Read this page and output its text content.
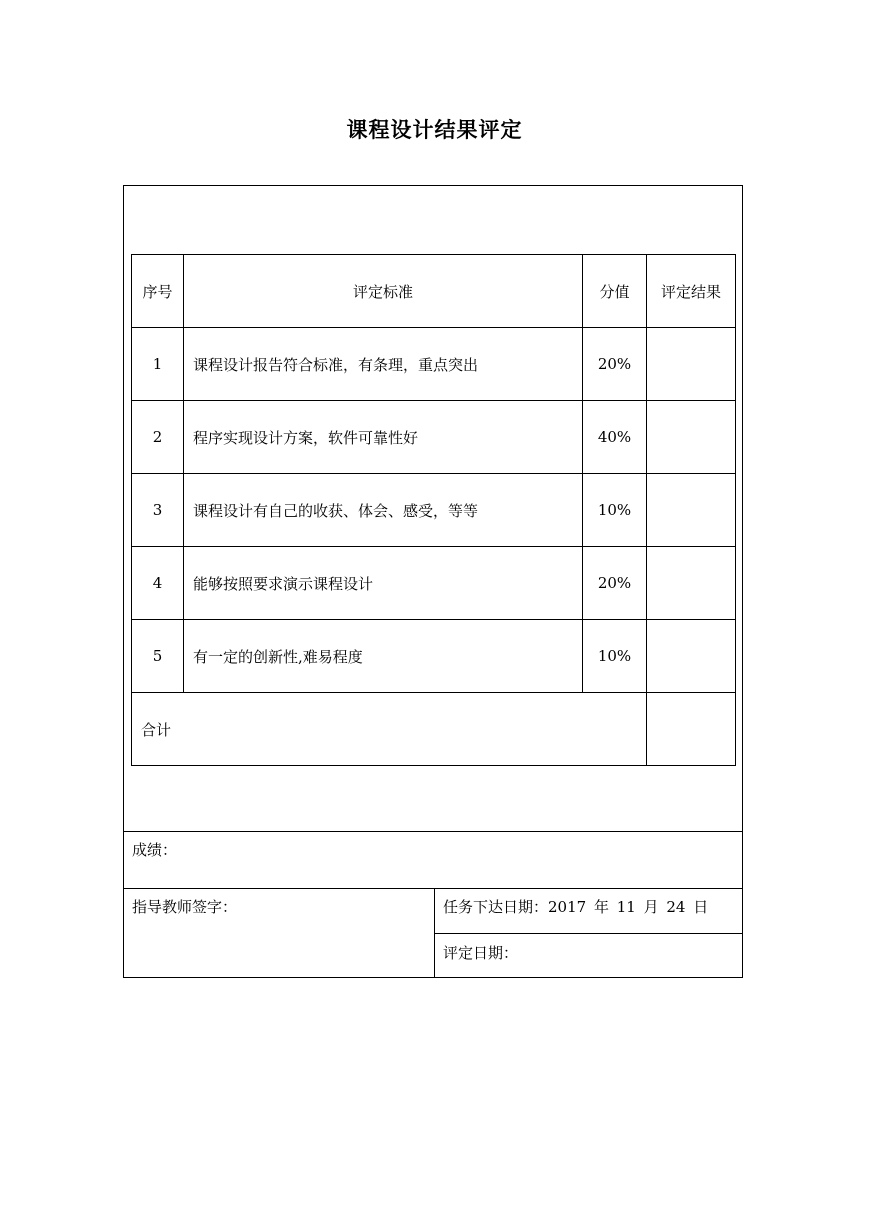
课程设计结果评定
序号	评定标准	分值	评定结果
1	课程设计报告符合标准，有条理，重点突出	20%	
2	程序实现设计方案，软件可靠性好	40%	
3	课程设计有自己的收获、体会、感受，等等	10%	
4	能够按照要求演示课程设计	20%	
5	有一定的创新性,难易程度	10%	
合计			
成绩：
指导教师签字：	任务下达日期：2017 年 11 月 24 日
评定日期：
